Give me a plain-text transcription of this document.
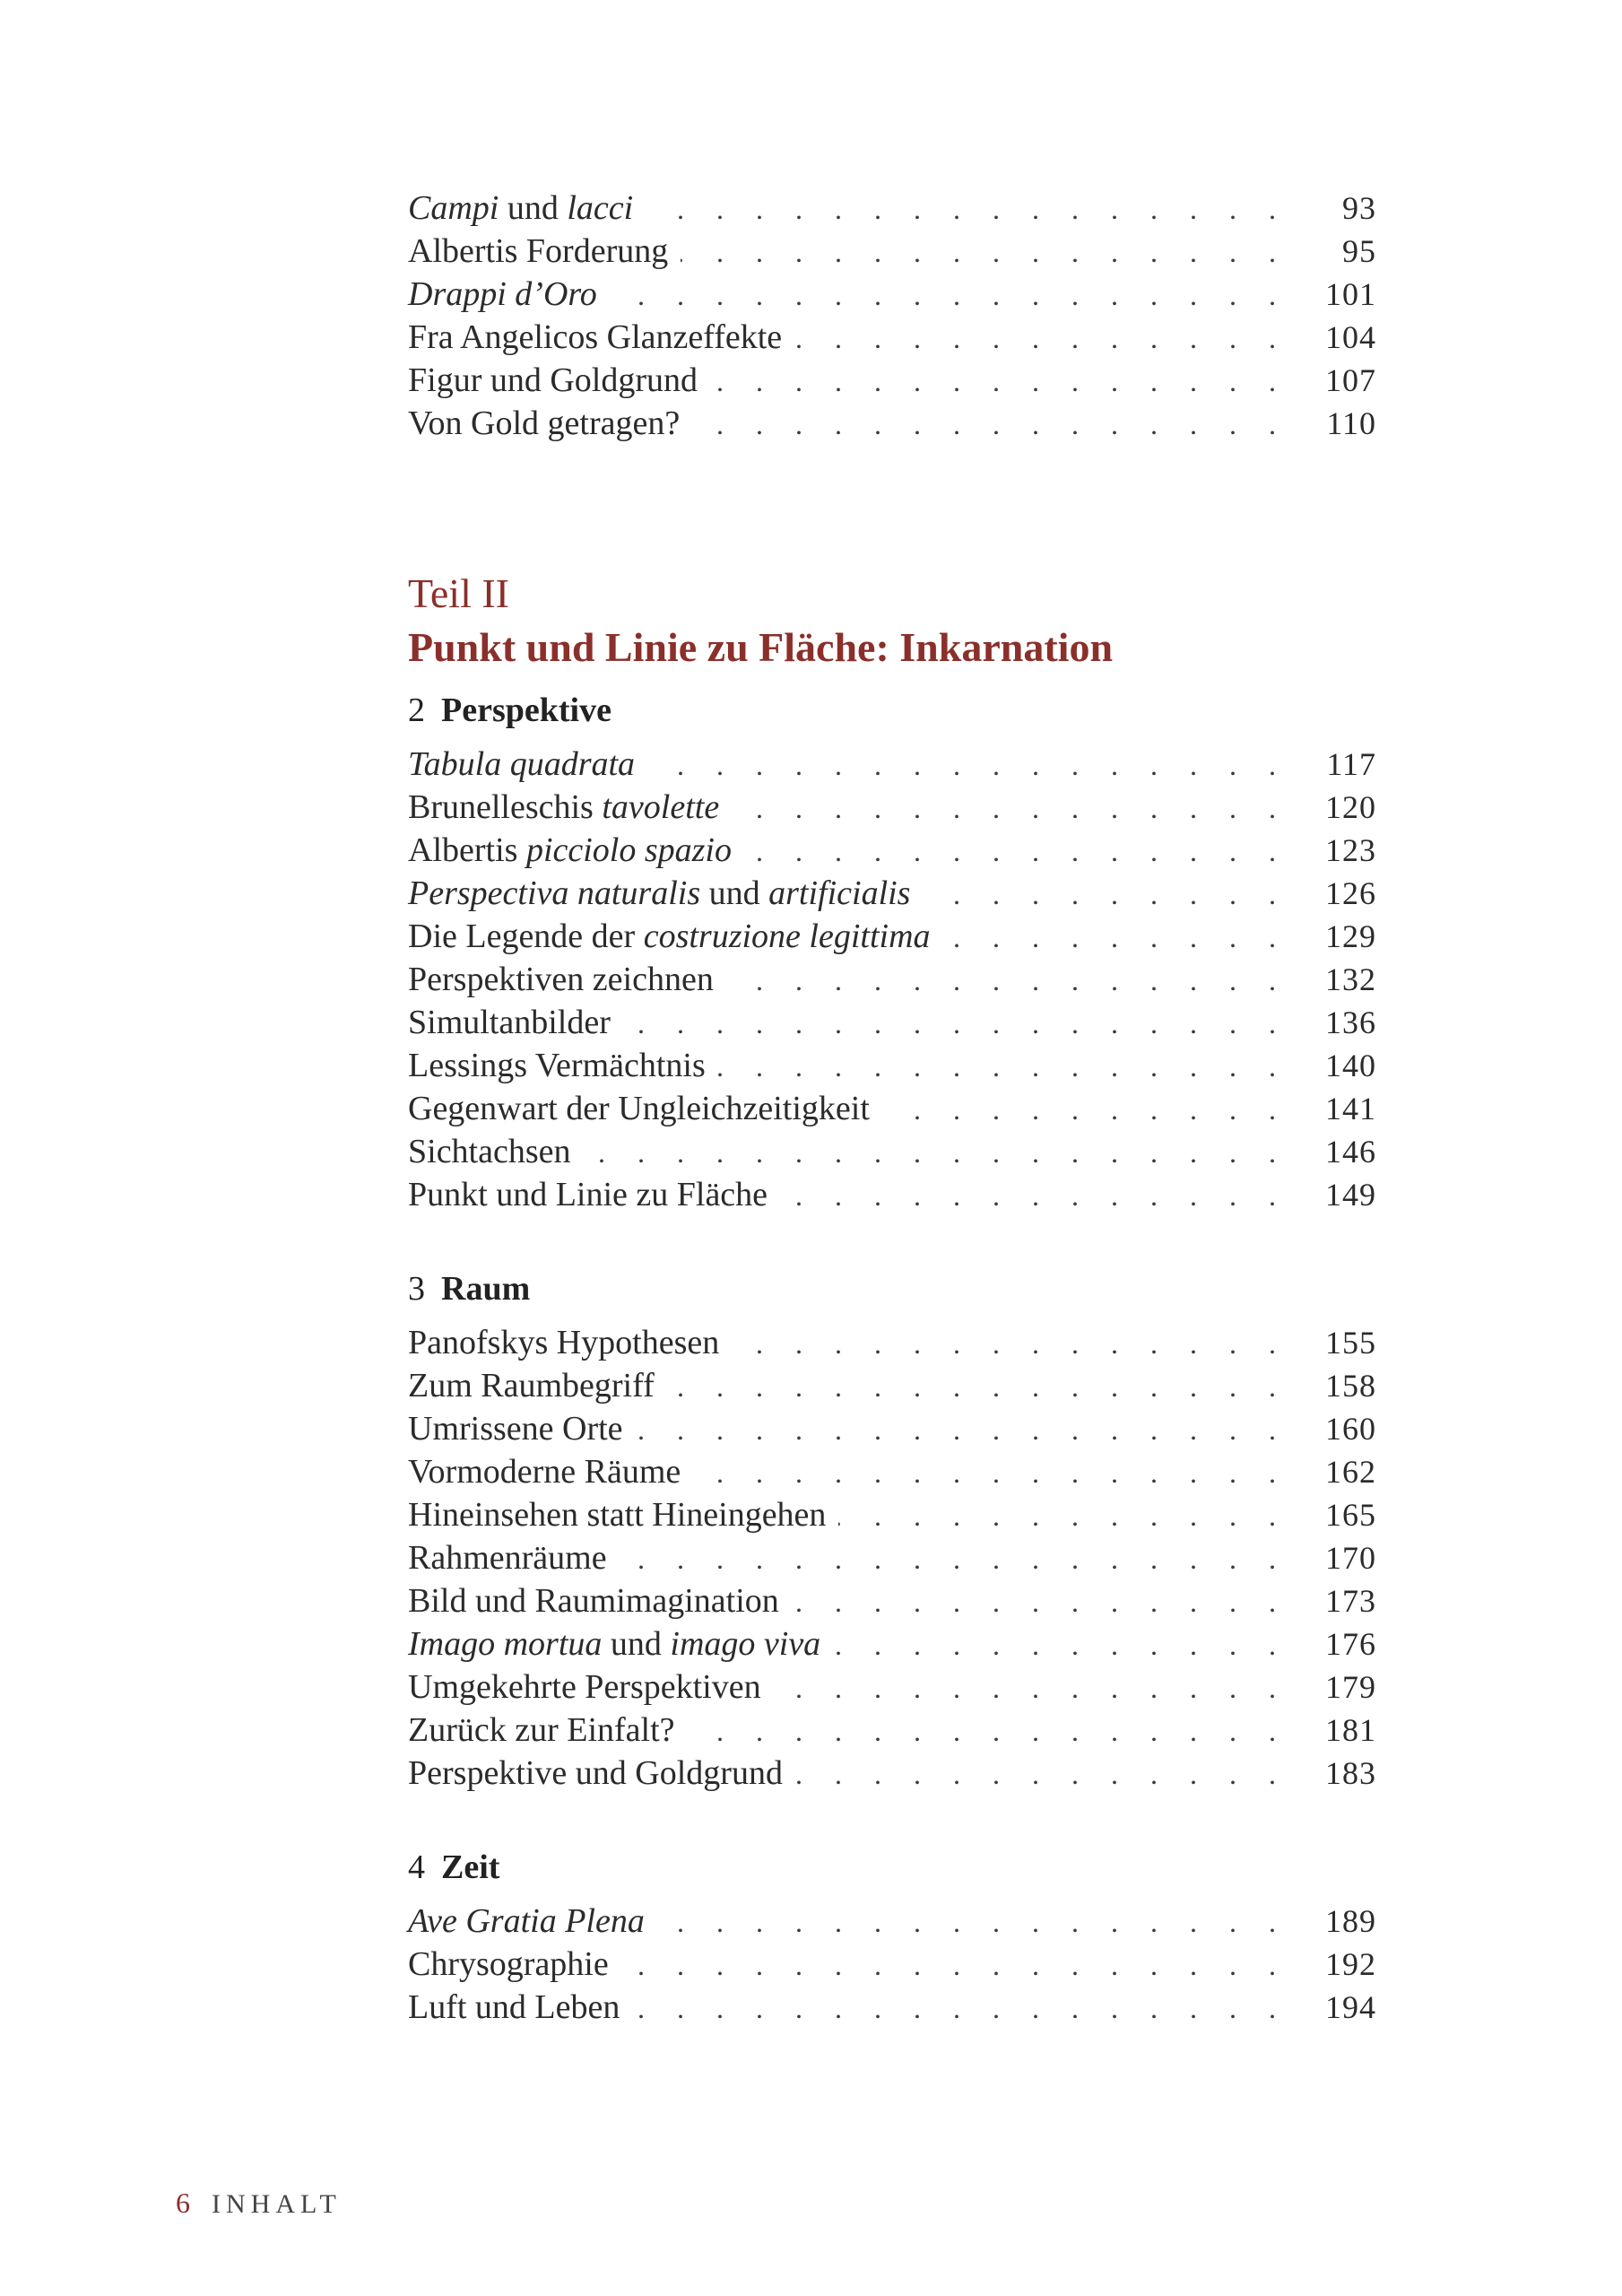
Campi und lacci . . .	93
Albertis Forderung . . .	95
Drappi d’Oro . . .	101
Fra Angelicos Glanzeffekte . . .	104
Figur und Goldgrund . . .	107
Von Gold getragen? . . .	110
Teil II
Punkt und Linie zu Fläche: Inkarnation
2 Perspektive
Tabula quadrata . . .	117
Brunelleschis tavolette . . .	120
Albertis picciolo spazio . . .	123
Perspectiva naturalis und artificialis . . .	126
Die Legende der costruzione legittima . . .	129
Perspektiven zeichnen . . .	132
Simultanbilder . . .	136
Lessings Vermächtnis . . .	140
Gegenwart der Ungleichzeitigkeit . . .	141
Sichtachsen . . .	146
Punkt und Linie zu Fläche . . .	149
3 Raum
Panofskys Hypothesen . . .	155
Zum Raumbegriff . . .	158
Umrissene Orte . . .	160
Vormoderne Räume . . .	162
Hineinsehen statt Hineingehen . . .	165
Rahmenräume . . .	170
Bild und Raumimagination . . .	173
Imago mortua und imago viva . . .	176
Umgekehrte Perspektiven . . .	179
Zurück zur Einfalt? . . .	181
Perspektive und Goldgrund . . .	183
4 Zeit
Ave Gratia Plena . . .	189
Chrysographie . . .	192
Luft und Leben . . .	194
6 INHALT
